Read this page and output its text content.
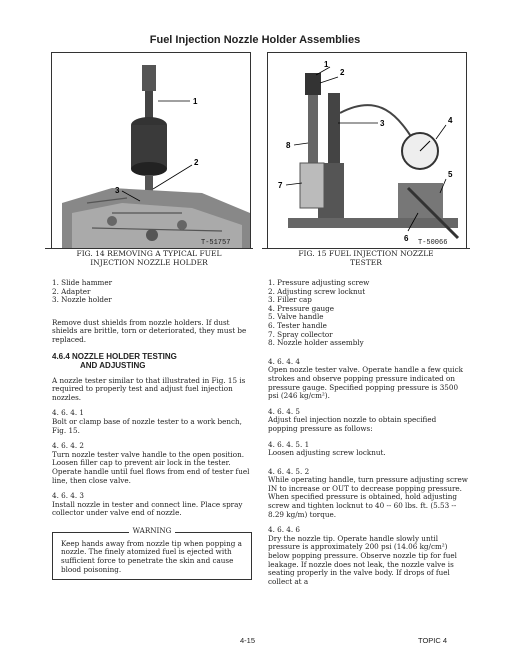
Fuel Injection Nozzle Holder Assemblies
1
2
3
T-51757
FIG. 14 REMOVING A TYPICAL FUEL

INJECTION NOZZLE HOLDER
1
2
3	4
5
6
7
8
T-50066
FIG. 15 FUEL INJECTION NOZZLE

TESTER
1. Slide hammer
2. Adapter
3. Nozzle holder

Remove dust shields from nozzle holders. If dust shields are brittle, torn or deteriorated, they must be replaced.

4.6.4 NOZZLE HOLDER TESTING
AND ADJUSTING

A nozzle tester similar to that illustrated in Fig. 15 is required to properly test and adjust fuel injection nozzles.

4. 6. 4. 1

Bolt or clamp base of nozzle tester to a work bench, Fig. 15.

4. 6. 4. 2

Turn nozzle tester valve handle to the open position. Loosen filler cap to prevent air lock in the tester. Operate handle until fuel flows from end of tester fuel line, then close valve.

4. 6. 4. 3

Install nozzle in tester and connect line. Place spray collector under valve end of nozzle.

WARNING
Keep hands away from nozzle tip when popping a nozzle. The finely atomized fuel is ejected with sufficient force to penetrate the skin and cause blood poisoning.
1. Pressure adjusting screw
2. Adjusting screw locknut
3. Filler cap
4. Pressure gauge
5. Valve handle
6. Tester handle
7. Spray collector
8. Nozzle holder assembly
4. 6. 4. 4

Open nozzle tester valve. Operate handle a few quick strokes and observe popping pressure indicated on pressure gauge. Specified popping pressure is 3500 psi (246 kg/cm²).

4. 6. 4. 5

Adjust fuel injection nozzle to obtain specified popping pressure as follows:

4. 6. 4. 5. 1

Loosen adjusting screw locknut.

4. 6. 4. 5. 2

While operating handle, turn pressure adjusting screw IN to increase or OUT to decrease popping pressure. When specified pressure is obtained, hold adjusting screw and tighten locknut to 40 -- 60 lbs. ft. (5.53 -- 8.29 kg/m) torque.

4. 6. 4. 6

Dry the nozzle tip. Operate handle slowly until pressure is approximately 200 psi (14.06 kg/cm²) below popping pressure. Observe nozzle tip for fuel leakage. If nozzle does not leak, the nozzle valve is seating properly in the valve body. If drops of fuel collect at a

4-15	TOPIC 4
